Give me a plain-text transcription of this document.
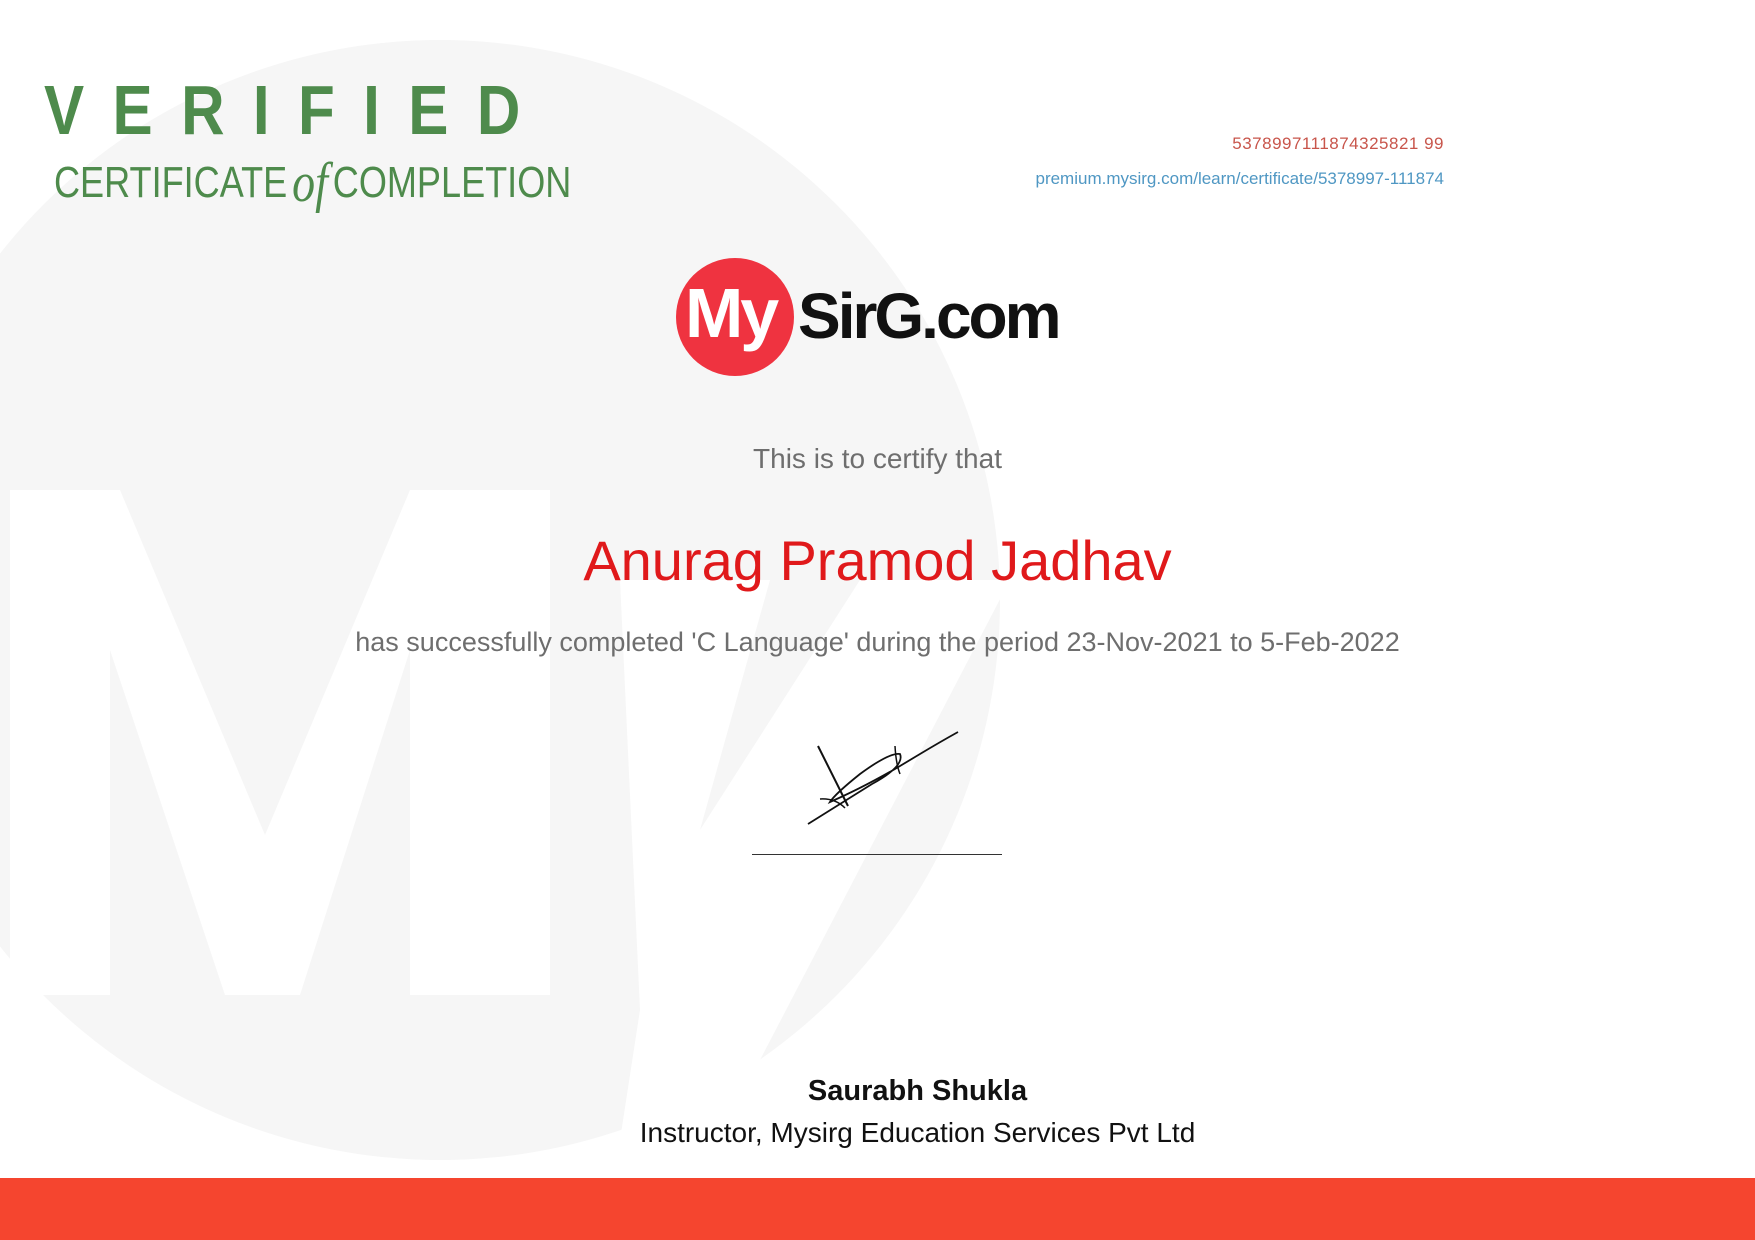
VERIFIED
CERTIFICATEof COMPLETION
5378997111874325821 99
premium.mysirg.com/learn/certificate/5378997-111874
My SirG.com
This is to certify that
Anurag Pramod Jadhav
has successfully completed 'C Language' during the period 23-Nov-2021 to 5-Feb-2022
Saurabh Shukla
Instructor, Mysirg Education Services Pvt Ltd
